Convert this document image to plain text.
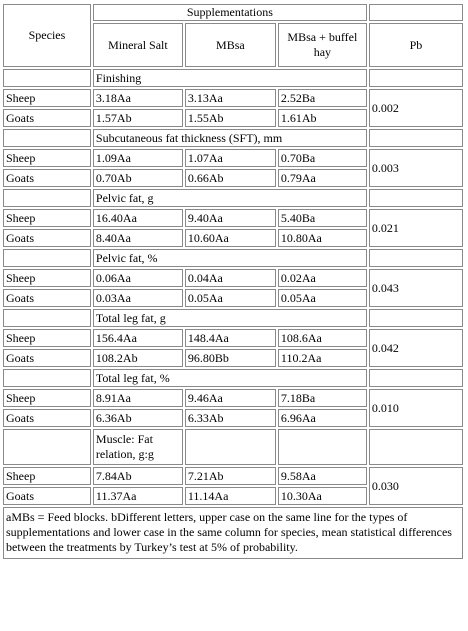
Species	Supplementations			
	Mineral Salt	MBsa	MBsa + buffel hay	Pb
	Finishing			
Sheep	3.18Aa	3.13Aa	2.52Ba	0.002
Goats	1.57Ab	1.55Ab	1.61Ab	
	Subcutaneous fat thickness (SFT), mm			
Sheep	1.09Aa	1.07Aa	0.70Ba	0.003
Goats	0.70Ab	0.66Ab	0.79Aa	
	Pelvic fat, g			
Sheep	16.40Aa	9.40Aa	5.40Ba	0.021
Goats	8.40Aa	10.60Aa	10.80Aa	
	Pelvic fat, %			
Sheep	0.06Aa	0.04Aa	0.02Aa	0.043
Goats	0.03Aa	0.05Aa	0.05Aa	
	Total leg fat, g			
Sheep	156.4Aa	148.4Aa	108.6Aa	0.042
Goats	108.2Ab	96.80Bb	110.2Aa	
	Total leg fat, %			
Sheep	8.91Aa	9.46Aa	7.18Ba	0.010
Goats	6.36Ab	6.33Ab	6.96Aa	
	Muscle: Fat relation, g:g			
Sheep	7.84Ab	7.21Ab	9.58Aa	0.030
Goats	11.37Aa	11.14Aa	10.30Aa	
aMBs = Feed blocks. bDifferent letters, upper case on the same line for the types of supplementations and lower case in the same column for species, mean statistical differences between the treatments by Turkey’s test at 5% of probability.				
